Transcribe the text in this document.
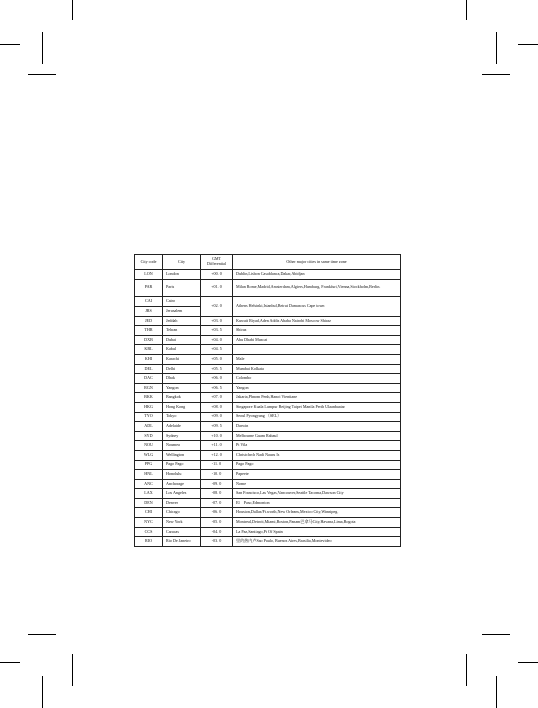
City code	City	GMT Differential	Other major cities in same time zone
LON	London	+00. 0	Dublin,Lisbon Casablanca,Dakar,Abidjan
PAR	Paris	+01. 0	Milan Rome,Madrid,Amsterdam,Algiers,Hamburg, Frankfurt,Vienna,Stockholm,Berlin.
CAI	Cairo	+02. 0	Athens Helsinki,Istanbul,Beirut Damascus Cape town
JRS	Jerusalem		
JED	Jeddah	+03. 0	Kuwait Riyad,Aden Addis Ababa Nairobi Moscow Shiraz
THR	Tehran	+03. 5	Shiraz
DXB	Dubai	+04. 0	Abu Dhabi Muscat
KBL	Kabul	+04. 5	
KHI	Karachi	+05. 0	Male
DEL	Delhi	+05. 5	Mumbai Kolkata
DAC	Dhak	+06. 0	Colombo
RGN	Yangon	+06. 5	Yangon
BKK	Bangkok	+07. 0	Jakarta,Phnom Penh,Hanoi Vientiane
HKG	Hong Kong	+08. 0	Singapore Kuala Lumpur Beijing Taipei Manila Perth Ulaanbaatar
TYO	Tokyo	+09. 0	Seoul Pyongyang （SEL）
ADL	Adelaide	+09. 5	Darwin
SYD	Sydney	+10. 0	Melbourne Guam Rabaul
NOU	Noumea	+11. 0	Pt Vila
WLG	Wellington	+12. 0	Christchrch Nadi Nauru Is
PPG	Pago Pago	-11. 0	Pago Pago
HNL	Honolulu	-10. 0	Papeete
ANC	Anchorage	-09. 0	Nome
LAX	Los Angeles	-08. 0	San Francisco,Las Vegas,Vancouver,Seattle Tacoma,Dawson City
DEN	Denver	-07. 0	El　Paso,Edmonton
CHI	Chicago	-06. 0	Houston,Dallas/Ft.worth,New Orleans,Mexico City,Winnipeg.
NYC	New York	-05. 0	Montreal,Detroit,Miami,Boston,Panam巴拿马City,Havana,Lima,Bogota
CCS	Caracas	-04. 0	La Paz,Santiago,Pt Of Spain
RIO	Rio De Janeiro	-03. 0	里约热内卢Sao Paulo, Buenos Aires,Brasilia,Montevideo
